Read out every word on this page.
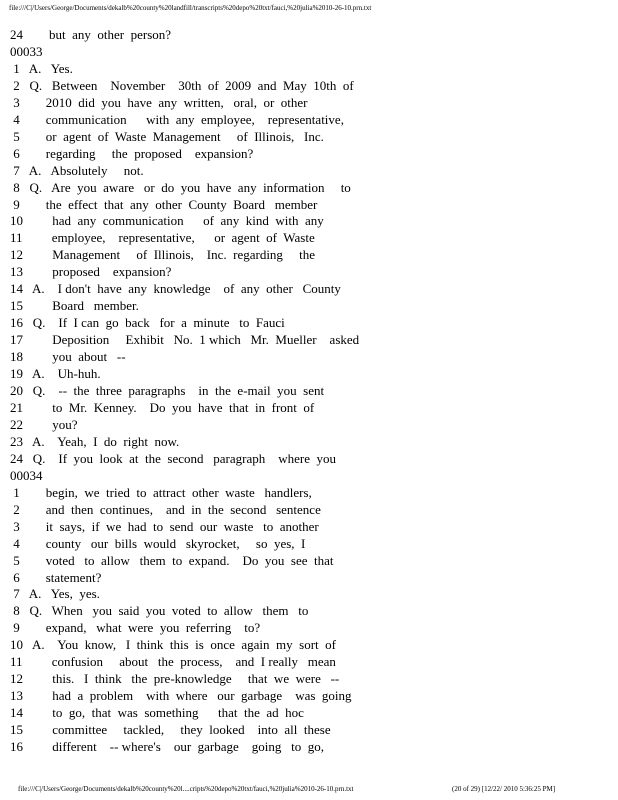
file:///C|/Users/George/Documents/dekalb%20county%20landfill/transcripts%20depo%20txt/fauci,%20julia%2010-26-10.prn.txt
24        but  any  other  person?
00033
1   A.   Yes.
2   Q.   Between    November    30th  of  2009  and  May  10th  of
3        2010  did  you  have  any  written,   oral,  or  other
4        communication      with  any  employee,    representative,
5        or  agent  of  Waste  Management     of  Illinois,   Inc.
6        regarding     the  proposed    expansion?
7   A.   Absolutely     not.
8   Q.   Are  you  aware   or  do  you  have  any  information     to
9        the  effect  that  any  other  County  Board   member
10         had  any  communication      of  any  kind  with  any
11         employee,    representative,      or  agent  of  Waste
12         Management     of  Illinois,    Inc.  regarding     the
13         proposed    expansion?
14   A.    I don't  have  any  knowledge    of  any  other   County
15         Board   member.
16   Q.    If  I can  go  back   for  a  minute   to  Fauci
17         Deposition     Exhibit   No.  1 which   Mr.  Mueller    asked
18         you  about   --
19   A.    Uh-huh.
20   Q.    --  the  three  paragraphs    in  the  e-mail  you  sent
21         to  Mr.  Kenney.    Do  you  have  that  in  front  of
22         you?
23   A.    Yeah,  I  do  right  now.
24   Q.    If  you  look  at  the  second   paragraph    where  you
00034
1        begin,  we  tried  to  attract  other  waste   handlers,
2        and  then  continues,    and  in  the  second   sentence
3        it  says,  if  we  had  to  send  our  waste   to  another
4        county   our  bills  would   skyrocket,     so  yes,  I
5        voted   to  allow   them  to  expand.    Do  you  see  that
6        statement?
7   A.   Yes,  yes.
8   Q.   When   you  said  you  voted  to  allow   them   to
9        expand,   what  were  you  referring    to?
10   A.    You  know,   I  think  this  is  once  again  my  sort  of
11         confusion     about   the  process,    and  I really   mean
12         this.   I  think   the  pre-knowledge     that  we  were   --
13         had  a  problem    with  where   our  garbage    was  going
14         to  go,  that  was  something      that  the  ad  hoc
15         committee     tackled,     they  looked    into  all  these
16         different    -- where's    our  garbage    going   to  go,
file:///C|/Users/George/Documents/dekalb%20county%20l....cripts%20depo%20txt/fauci,%20julia%2010-26-10.prn.txt	(20 of 29) [12/22/ 2010 5:36:25 PM]
